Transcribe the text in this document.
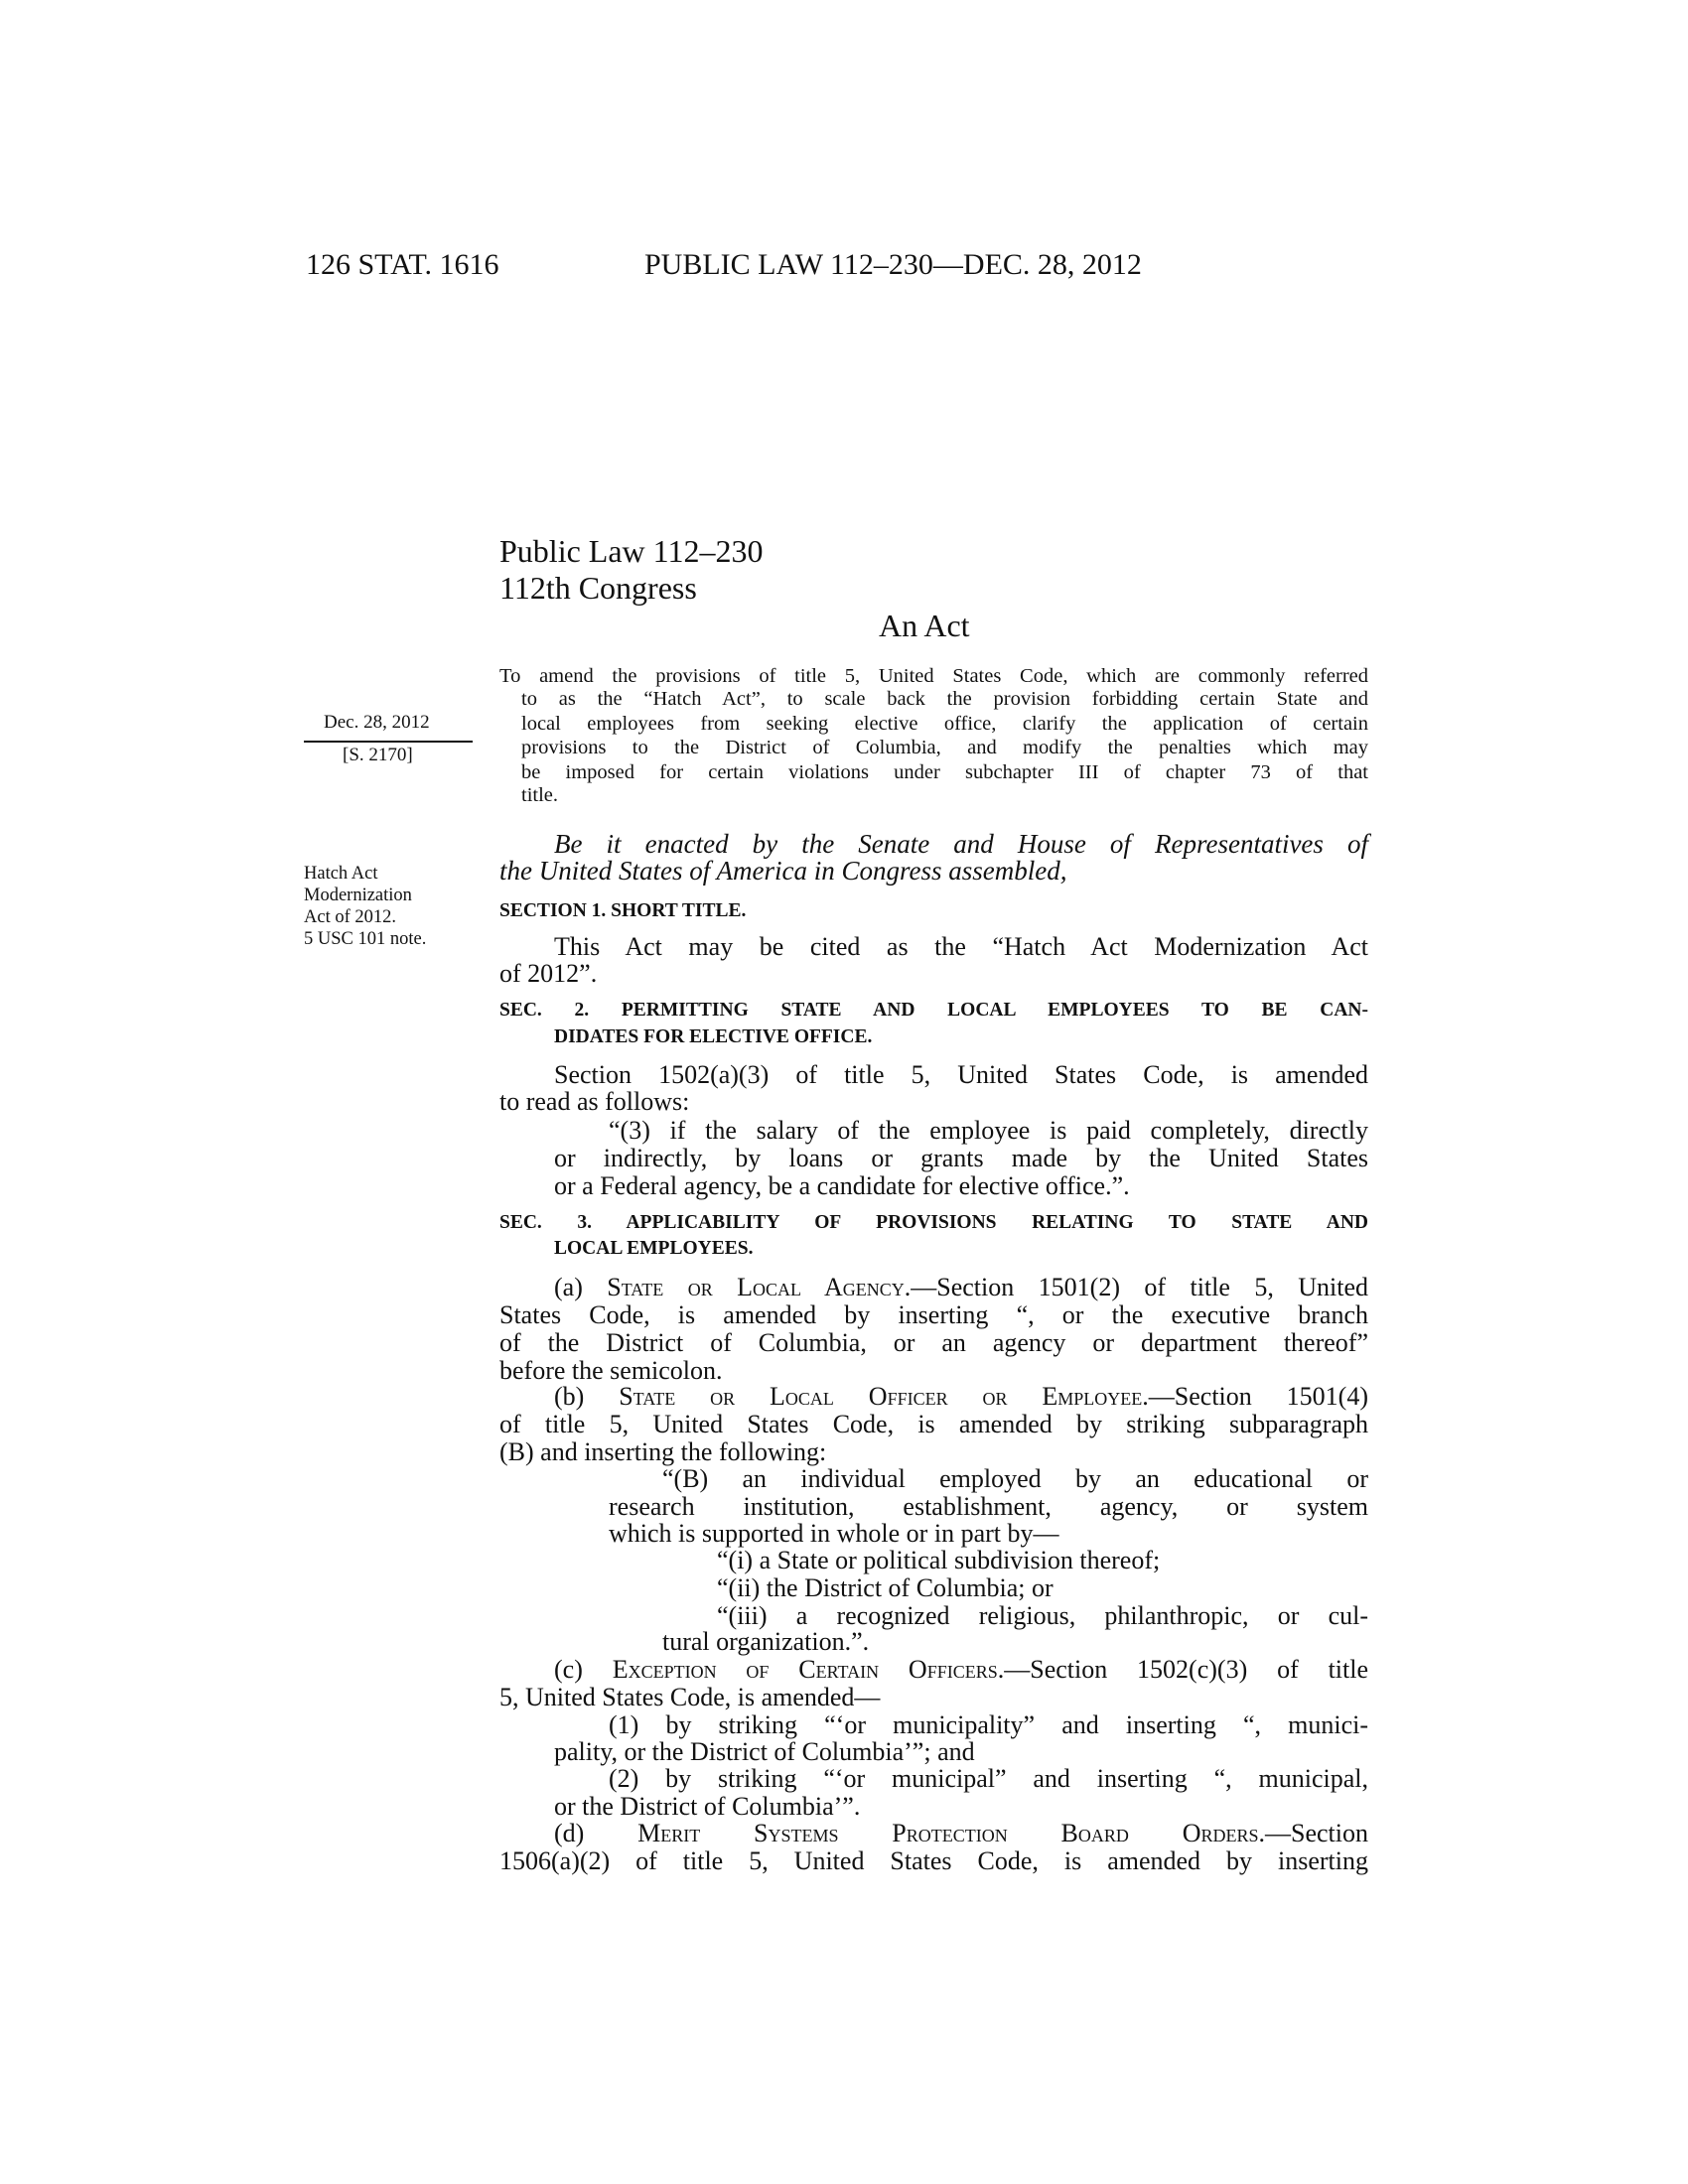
126 STAT. 1616	PUBLIC LAW 112–230—DEC. 28, 2012
Public Law 112–230
112th Congress
An Act
Dec. 28, 2012
[S. 2170]
To amend the provisions of title 5, United States Code, which are commonly referred
to as the “Hatch Act”, to scale back the provision forbidding certain State and
local employees from seeking elective office, clarify the application of certain
provisions to the District of Columbia, and modify the penalties which may
be imposed for certain violations under subchapter III of chapter 73 of that
title.
Be it enacted by the Senate and House of Representatives of
the United States of America in Congress assembled,
Hatch Act
Modernization
Act of 2012.
5 USC 101 note.
SECTION 1. SHORT TITLE.
This Act may be cited as the “Hatch Act Modernization Act
of 2012”.
SEC. 2. PERMITTING STATE AND LOCAL EMPLOYEES TO BE CAN-
DIDATES FOR ELECTIVE OFFICE.
Section 1502(a)(3) of title 5, United States Code, is amended
to read as follows:
“(3) if the salary of the employee is paid completely, directly
or indirectly, by loans or grants made by the United States
or a Federal agency, be a candidate for elective office.”.
SEC. 3. APPLICABILITY OF PROVISIONS RELATING TO STATE AND
LOCAL EMPLOYEES.
(a) State or Local Agency.—Section 1501(2) of title 5, United
States Code, is amended by inserting “, or the executive branch
of the District of Columbia, or an agency or department thereof”
before the semicolon.
(b) State or Local Officer or Employee.—Section 1501(4)
of title 5, United States Code, is amended by striking subparagraph
(B) and inserting the following:
“(B) an individual employed by an educational or
research institution, establishment, agency, or system
which is supported in whole or in part by—
“(i) a State or political subdivision thereof;
“(ii) the District of Columbia; or
“(iii) a recognized religious, philanthropic, or cul-
tural organization.”.
(c) Exception of Certain Officers.—Section 1502(c)(3) of title
5, United States Code, is amended—
(1) by striking “‘or municipality” and inserting “, munici-
pality, or the District of Columbia’”; and
(2) by striking “‘or municipal” and inserting “, municipal,
or the District of Columbia’”.
(d) Merit Systems Protection Board Orders.—Section
1506(a)(2) of title 5, United States Code, is amended by inserting
